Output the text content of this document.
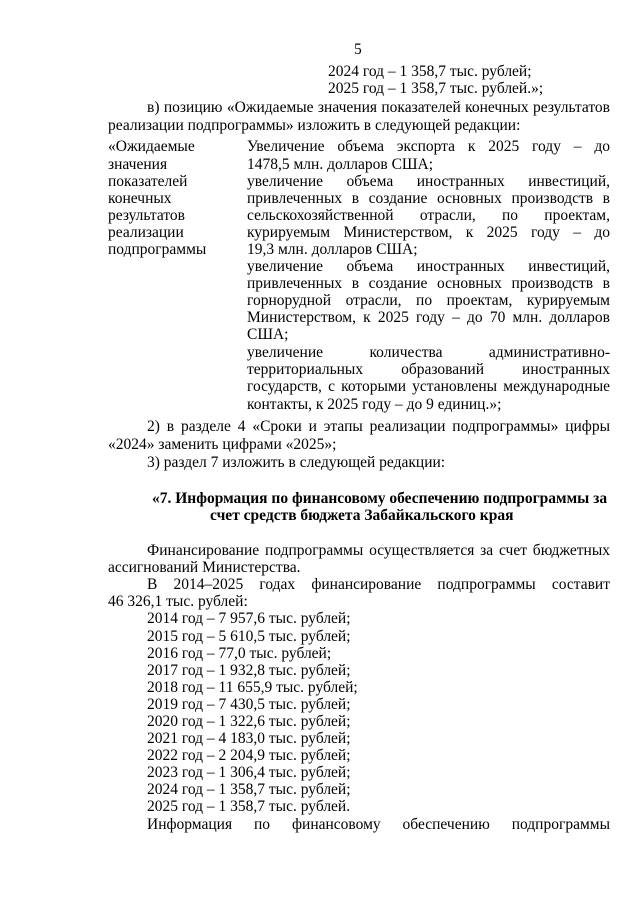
5
2024 год – 1 358,7 тыс. рублей;
2025 год – 1 358,7 тыс. рублей.»;
в) позицию «Ожидаемые значения показателей конечных результатов
реализации подпрограммы» изложить в следующей редакции:
«Ожидаемые
значения
показателей
конечных
результатов
реализации
подпрограммы
Увеличение объема экспорта к 2025 году – до
1478,5 млн. долларов США;
увеличение объема иностранных инвестиций,
привлеченных в создание основных производств в
сельскохозяйственной отрасли, по проектам,
курируемым Министерством, к 2025 году – до
19,3 млн. долларов США;
увеличение объема иностранных инвестиций,
привлеченных в создание основных производств в
горнорудной отрасли, по проектам, курируемым
Министерством, к 2025 году – до 70 млн. долларов
США;
увеличение количества административно-
территориальных образований иностранных
государств, с которыми установлены международные
контакты, к 2025 году – до 9 единиц.»;
2) в разделе 4 «Сроки и этапы реализации подпрограммы» цифры
«2024» заменить цифрами «2025»;
3) раздел 7 изложить в следующей редакции:
«7. Информация по финансовому обеспечению подпрограммы за
счет средств бюджета Забайкальского края
Финансирование подпрограммы осуществляется за счет бюджетных
ассигнований Министерства.
В 2014–2025 годах финансирование подпрограммы составит
46 326,1 тыс. рублей:
2014 год – 7 957,6 тыс. рублей;
2015 год – 5 610,5 тыс. рублей;
2016 год – 77,0 тыс. рублей;
2017 год – 1 932,8 тыс. рублей;
2018 год – 11 655,9 тыс. рублей;
2019 год – 7 430,5 тыс. рублей;
2020 год – 1 322,6 тыс. рублей;
2021 год – 4 183,0 тыс. рублей;
2022 год – 2 204,9 тыс. рублей;
2023 год – 1 306,4 тыс. рублей;
2024 год – 1 358,7 тыс. рублей;
2025 год – 1 358,7 тыс. рублей.
Информация по финансовому обеспечению подпрограммы
